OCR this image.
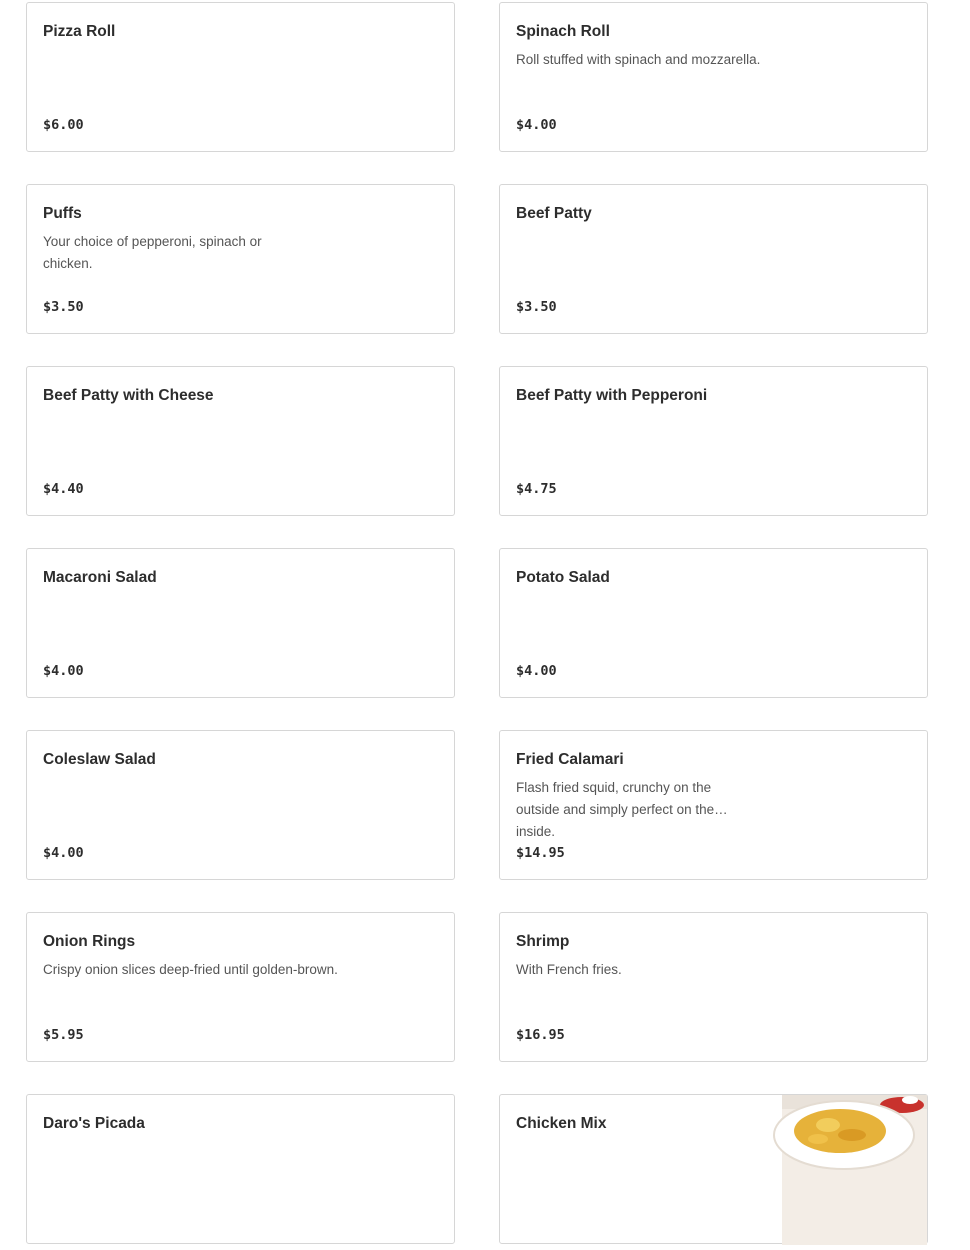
Pizza Roll
$6.00
Spinach Roll
Roll stuffed with spinach and mozzarella.
$4.00
Puffs
Your choice of pepperoni, spinach or chicken.
$3.50
Beef Patty
$3.50
Beef Patty with Cheese
$4.40
Beef Patty with Pepperoni
$4.75
Macaroni Salad
$4.00
Potato Salad
$4.00
Coleslaw Salad
$4.00
Fried Calamari
Flash fried squid, crunchy on the outside and simply perfect on the inside.
$14.95
Onion Rings
Crispy onion slices deep-fried until golden-brown.
$5.95
Shrimp
With French fries.
$16.95
Daro's Picada	Chicken Mix
